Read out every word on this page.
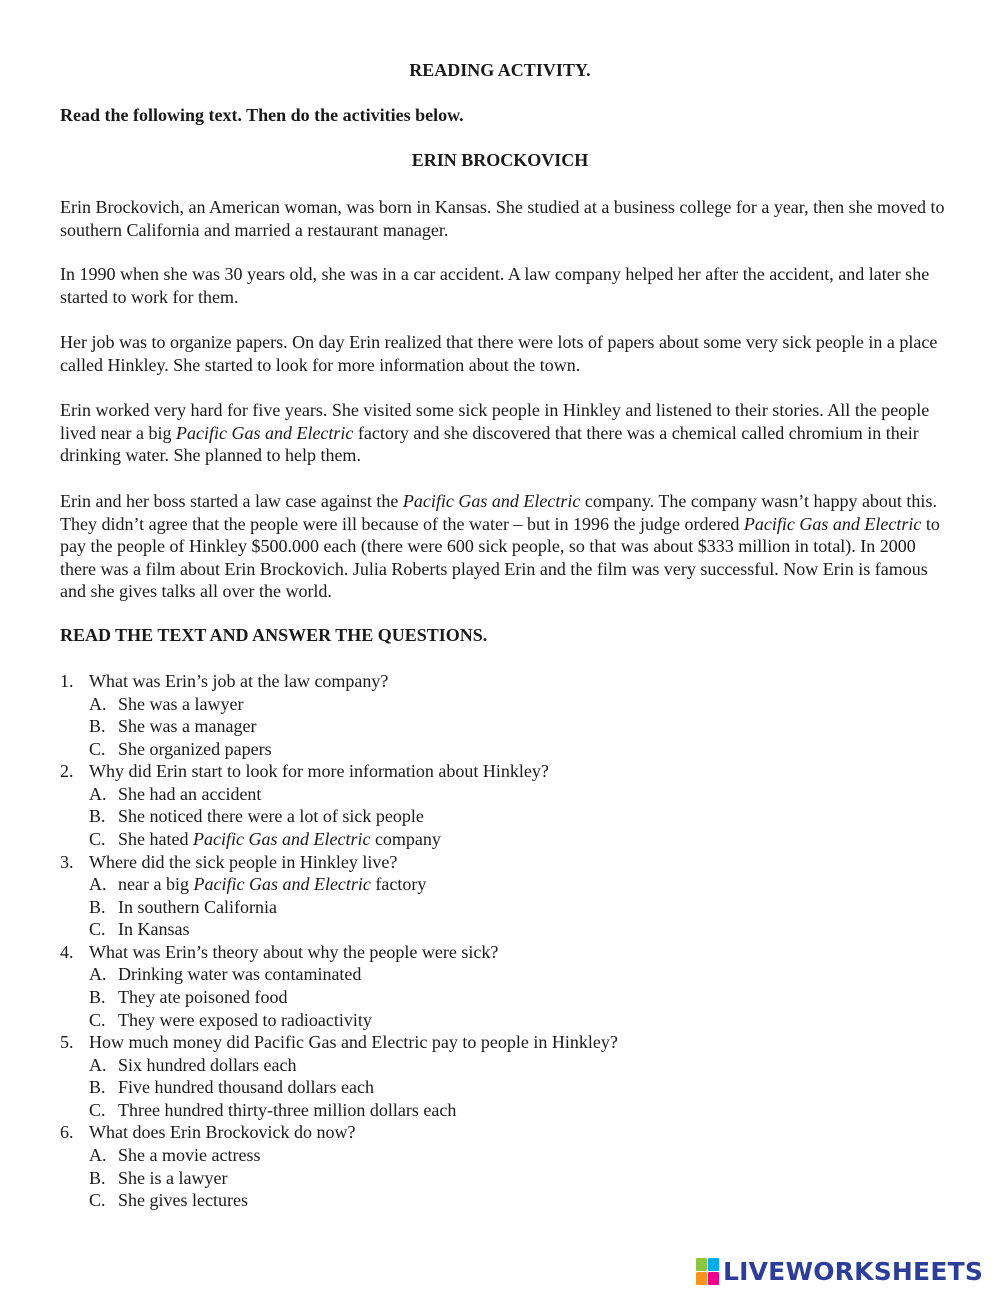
READING ACTIVITY.

Read the following text. Then do the activities below.

ERIN BROCKOVICH

Erin Brockovich, an American woman, was born in Kansas. She studied at a business college for a year, then she moved to southern California and married a restaurant manager.

In 1990 when she was 30 years old, she was in a car accident. A law company helped her after the accident, and later she started to work for them.

Her job was to organize papers. On day Erin realized that there were lots of papers about some very sick people in a place called Hinkley. She started to look for more information about the town.

Erin worked very hard for five years. She visited some sick people in Hinkley and listened to their stories. All the people lived near a big Pacific Gas and Electric factory and she discovered that there was a chemical called chromium in their drinking water. She planned to help them.

Erin and her boss started a law case against the Pacific Gas and Electric company. The company wasn’t happy about this. They didn’t agree that the people were ill because of the water – but in 1996 the judge ordered Pacific Gas and Electric to pay the people of Hinkley $500.000 each (there were 600 sick people, so that was about $333 million in total). In 2000 there was a film about Erin Brockovich. Julia Roberts played Erin and the film was very successful. Now Erin is famous and she gives talks all over the world.

READ THE TEXT AND ANSWER THE QUESTIONS.

1. What was Erin’s job at the law company?
A. She was a lawyer
B. She was a manager
C. She organized papers
2. Why did Erin start to look for more information about Hinkley?
A. She had an accident
B. She noticed there were a lot of sick people
C. She hated Pacific Gas and Electric company
3. Where did the sick people in Hinkley live?
A. near a big Pacific Gas and Electric factory
B. In southern California
C. In Kansas
4. What was Erin’s theory about why the people were sick?
A. Drinking water was contaminated
B. They ate poisoned food
C. They were exposed to radioactivity
5. How much money did Pacific Gas and Electric pay to people in Hinkley?
A. Six hundred dollars each
B. Five hundred thousand dollars each
C. Three hundred thirty-three million dollars each
6. What does Erin Brockovick do now?
A. She a movie actress
B. She is a lawyer
C. She gives lectures
LIVEWORKSHEETS
